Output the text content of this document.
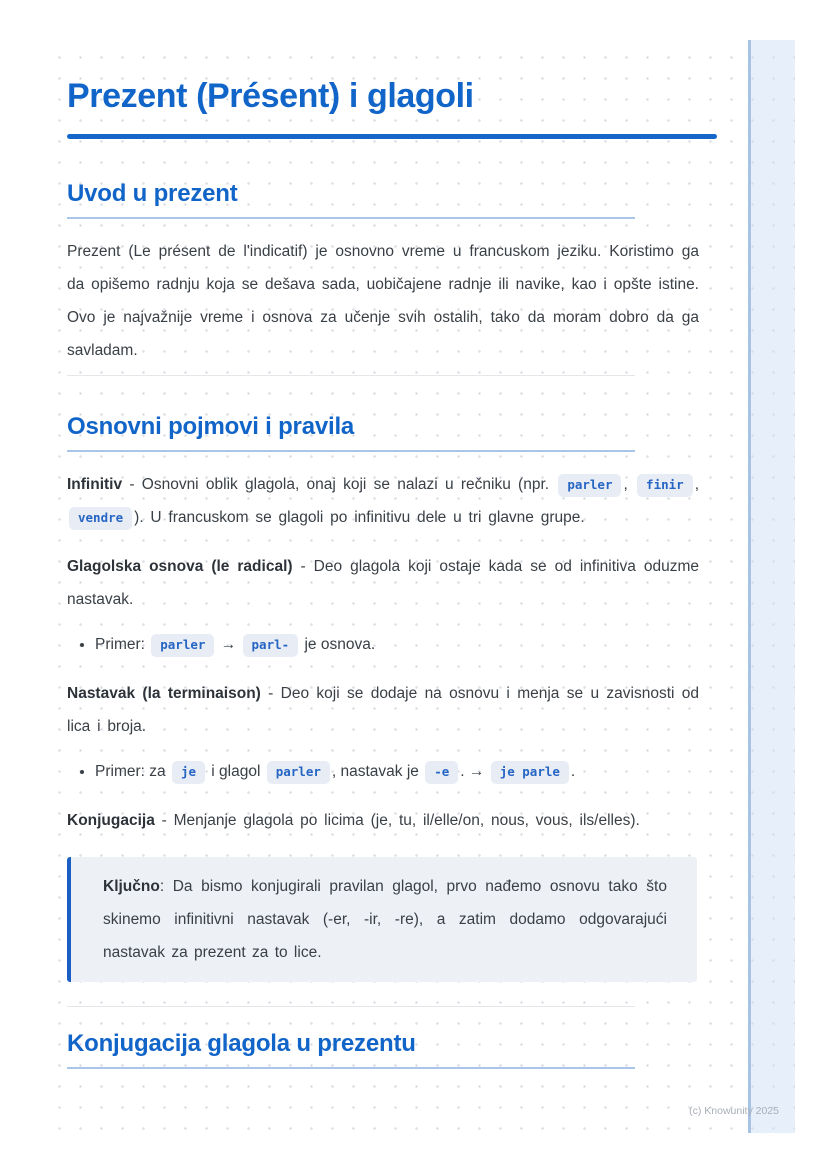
Prezent (Présent) i glagoli
Uvod u prezent

Prezent (Le présent de l'indicatif) je osnovno vreme u francuskom jeziku. Koristimo ga da opišemo radnju koja se dešava sada, uobičajene radnje ili navike, kao i opšte istine. Ovo je najvažnije vreme i osnova za učenje svih ostalih, tako da moram dobro da ga savladam.

Osnovni pojmovi i pravila

Infinitiv - Osnovni oblik glagola, onaj koji se nalazi u rečniku (npr. parler , finir , vendre ). U francuskom se glagoli po infinitivu dele u tri glavne grupe.

Glagolska osnova (le radical) - Deo glagola koji ostaje kada se od infinitiva oduzme nastavak.

• Primer: parler → parl- je osnova.

Nastavak (la terminaison) - Deo koji se dodaje na osnovu i menja se u zavisnosti od lica i broja.

• Primer: za je i glagol parler , nastavak je -e . → je parle .

Konjugacija - Menjanje glagola po licima (je, tu, il/elle/on, nous, vous, ils/elles).

Ključno: Da bismo konjugirali pravilan glagol, prvo nađemo osnovu tako što skinemo infinitivni nastavak (-er, -ir, -re), a zatim dodamo odgovarajući nastavak za prezent za to lice.
Konjugacija glagola u prezentu
(c) Knowunity 2025
